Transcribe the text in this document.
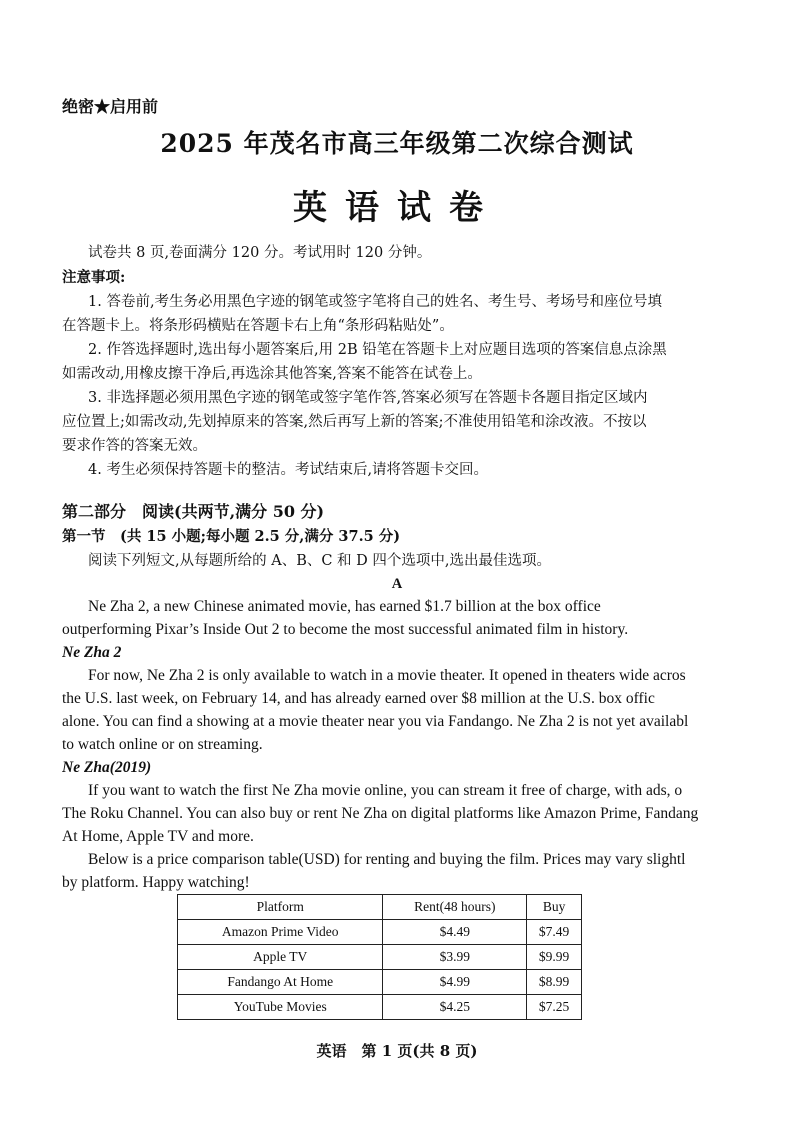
绝密★启用前
2025 年茂名市高三年级第二次综合测试
英语试卷
试卷共 8 页,卷面满分 120 分。考试用时 120 分钟。
注意事项:
1. 答卷前,考生务必用黑色字迹的钢笔或签字笔将自己的姓名、考生号、考场号和座位号填
在答题卡上。将条形码横贴在答题卡右上角“条形码粘贴处”。
2. 作答选择题时,选出每小题答案后,用 2B 铅笔在答题卡上对应题目选项的答案信息点涂黑
如需改动,用橡皮擦干净后,再选涂其他答案,答案不能答在试卷上。
3. 非选择题必须用黑色字迹的钢笔或签字笔作答,答案必须写在答题卡各题目指定区域内
应位置上;如需改动,先划掉原来的答案,然后再写上新的答案;不准使用铅笔和涂改液。不按以
要求作答的答案无效。
4. 考生必须保持答题卡的整洁。考试结束后,请将答题卡交回。
第二部分　阅读(共两节,满分 50 分)
第一节　(共 15 小题;每小题 2.5 分,满分 37.5 分)
阅读下列短文,从每题所给的 A、B、C 和 D 四个选项中,选出最佳选项。
A
Ne Zha 2, a new Chinese animated movie, has earned $1.7 billion at the box office
outperforming Pixar’s Inside Out 2 to become the most successful animated film in history.
Ne Zha 2
For now, Ne Zha 2 is only available to watch in a movie theater. It opened in theaters wide acros
the U.S. last week, on February 14, and has already earned over $8 million at the U.S. box offic
alone. You can find a showing at a movie theater near you via Fandango. Ne Zha 2 is not yet availabl
to watch online or on streaming.
Ne Zha(2019)
If you want to watch the first Ne Zha movie online, you can stream it free of charge, with ads, o
The Roku Channel. You can also buy or rent Ne Zha on digital platforms like Amazon Prime, Fandang
At Home, Apple TV and more.
Below is a price comparison table(USD) for renting and buying the film. Prices may vary slightl
by platform. Happy watching!
Platform	Rent(48 hours)	Buy
Amazon Prime Video	$4.49	$7.49
Apple TV	$3.99	$9.99
Fandango At Home	$4.99	$8.99
YouTube Movies	$4.25	$7.25
英语　第 1 页(共 8 页)
